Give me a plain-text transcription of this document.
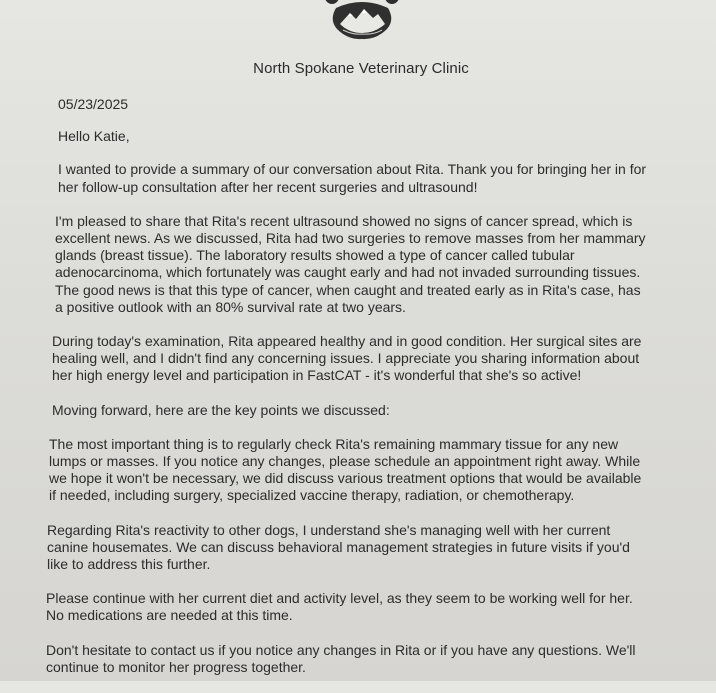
North Spokane Veterinary Clinic

05/23/2025

Hello Katie,

I wanted to provide a summary of our conversation about Rita. Thank you for bringing her in for
her follow-up consultation after her recent surgeries and ultrasound!

I'm pleased to share that Rita's recent ultrasound showed no signs of cancer spread, which is
excellent news. As we discussed, Rita had two surgeries to remove masses from her mammary
glands (breast tissue). The laboratory results showed a type of cancer called tubular
adenocarcinoma, which fortunately was caught early and had not invaded surrounding tissues.
The good news is that this type of cancer, when caught and treated early as in Rita's case, has
a positive outlook with an 80% survival rate at two years.

During today's examination, Rita appeared healthy and in good condition. Her surgical sites are
healing well, and I didn't find any concerning issues. I appreciate you sharing information about
her high energy level and participation in FastCAT - it's wonderful that she's so active!

Moving forward, here are the key points we discussed:

The most important thing is to regularly check Rita's remaining mammary tissue for any new
lumps or masses. If you notice any changes, please schedule an appointment right away. While
we hope it won't be necessary, we did discuss various treatment options that would be available
if needed, including surgery, specialized vaccine therapy, radiation, or chemotherapy.

Regarding Rita's reactivity to other dogs, I understand she's managing well with her current
canine housemates. We can discuss behavioral management strategies in future visits if you'd
like to address this further.

Please continue with her current diet and activity level, as they seem to be working well for her.
No medications are needed at this time.

Don't hesitate to contact us if you notice any changes in Rita or if you have any questions. We'll
continue to monitor her progress together.
